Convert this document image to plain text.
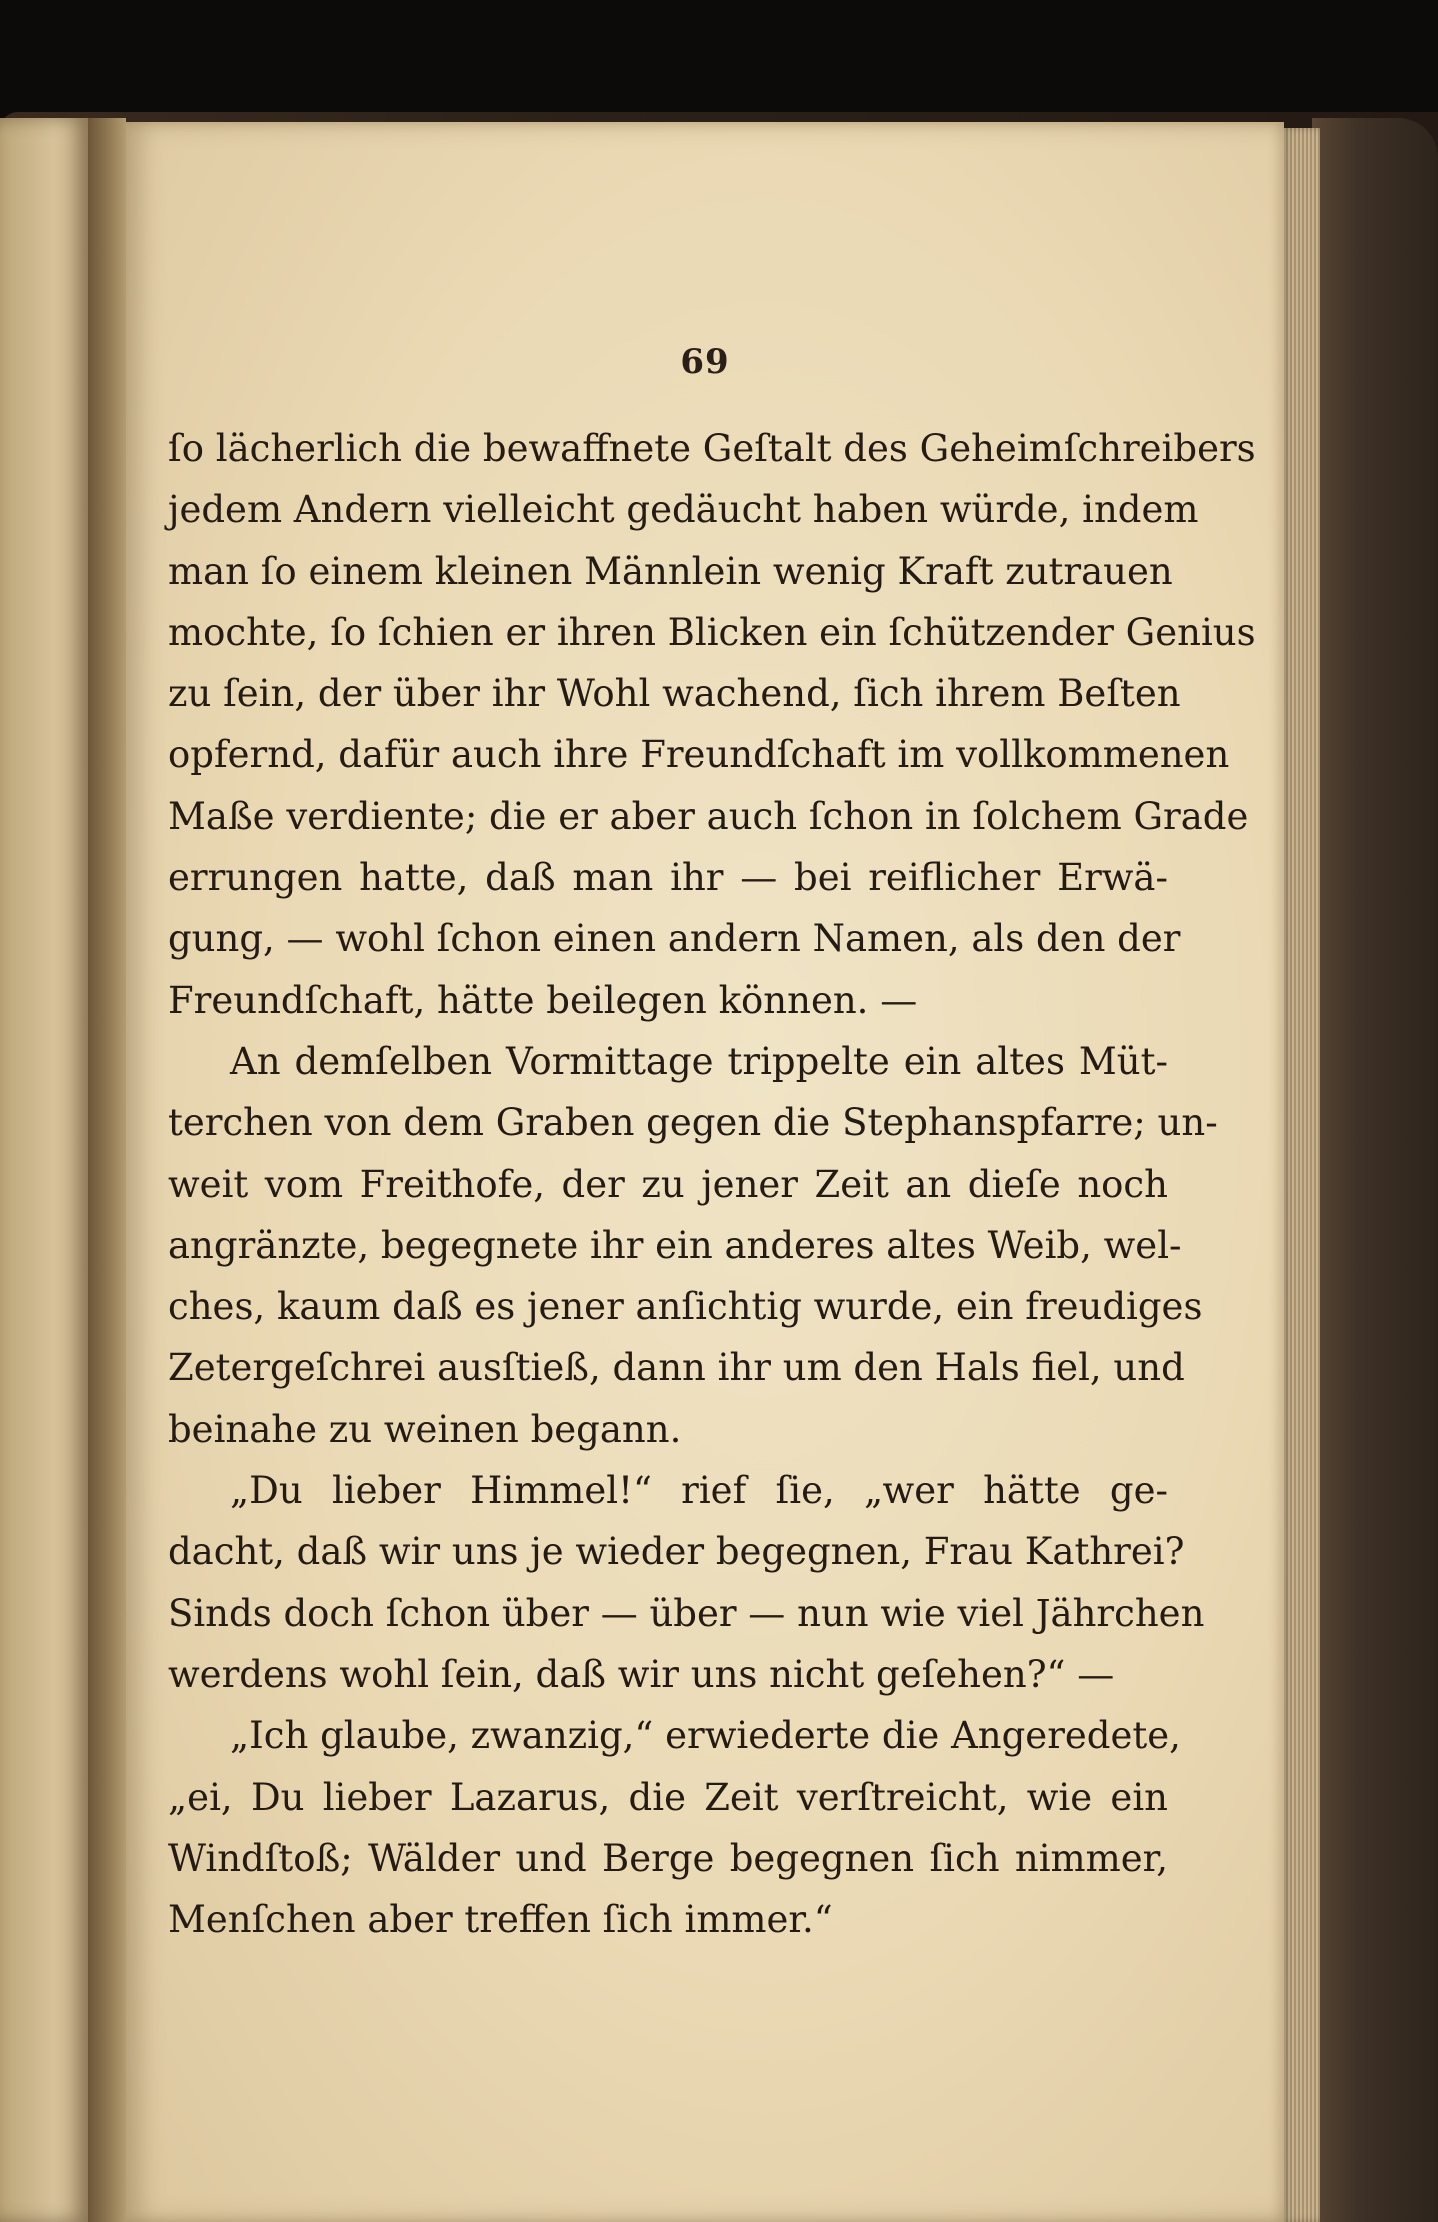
69
ſo lächerlich die bewaffnete Geſtalt des Geheimſchreibers
jedem Andern vielleicht gedäucht haben würde, indem
man ſo einem kleinen Männlein wenig Kraft zutrauen
mochte, ſo ſchien er ihren Blicken ein ſchützender Genius
zu ſein, der über ihr Wohl wachend, ſich ihrem Beſten
opfernd, dafür auch ihre Freundſchaft im vollkommenen
Maße verdiente; die er aber auch ſchon in ſolchem Grade
errungen hatte, daß man ihr — bei reiflicher Erwä-
gung, — wohl ſchon einen andern Namen, als den der
Freundſchaft, hätte beilegen können. —
An demſelben Vormittage trippelte ein altes Müt-
terchen von dem Graben gegen die Stephanspfarre; un-
weit vom Freithofe, der zu jener Zeit an dieſe noch
angränzte, begegnete ihr ein anderes altes Weib, wel-
ches, kaum daß es jener anſichtig wurde, ein freudiges
Zetergeſchrei ausſtieß, dann ihr um den Hals fiel, und
beinahe zu weinen begann.
„Du lieber Himmel!“ rief ſie, „wer hätte ge-
dacht, daß wir uns je wieder begegnen, Frau Kathrei?
Sinds doch ſchon über — über — nun wie viel Jährchen
werdens wohl ſein, daß wir uns nicht geſehen?“ —
„Ich glaube, zwanzig,“ erwiederte die Angeredete,
„ei, Du lieber Lazarus, die Zeit verſtreicht, wie ein
Windſtoß; Wälder und Berge begegnen ſich nimmer,
Menſchen aber treffen ſich immer.“
